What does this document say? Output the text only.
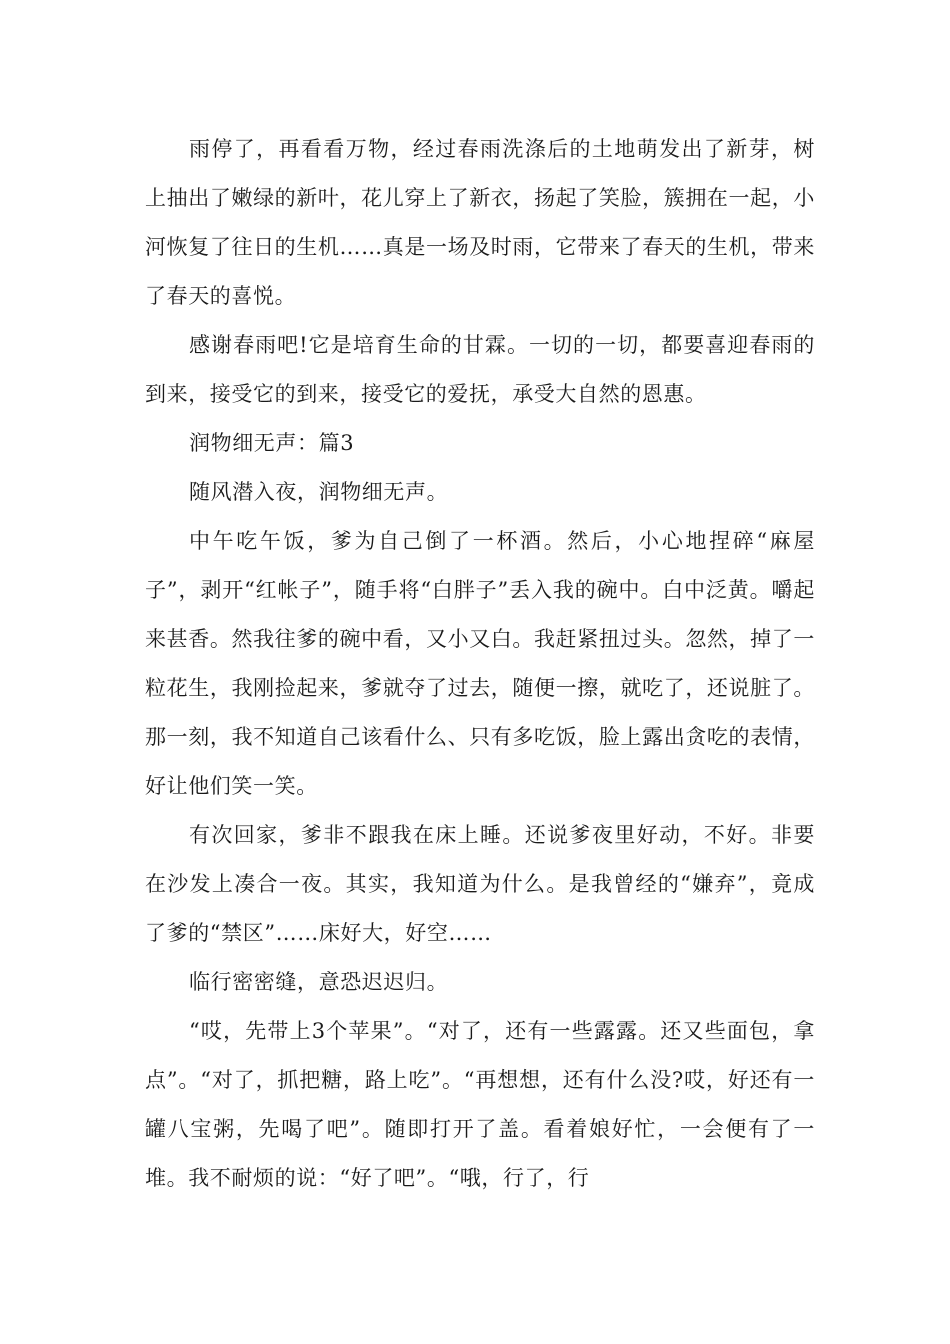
雨停了，再看看万物，经过春雨洗涤后的土地萌发出了新芽，树上抽出了嫩绿的新叶，花儿穿上了新衣，扬起了笑脸，簇拥在一起，小河恢复了往日的生机……真是一场及时雨，它带来了春天的生机，带来了春天的喜悦。

感谢春雨吧!它是培育生命的甘霖。一切的一切，都要喜迎春雨的到来，接受它的到来，接受它的爱抚，承受大自然的恩惠。

润物细无声：篇3

随风潜入夜，润物细无声。

中午吃午饭，爹为自己倒了一杯酒。然后，小心地捏碎“麻屋子”，剥开“红帐子”，随手将“白胖子”丢入我的碗中。白中泛黄。嚼起来甚香。然我往爹的碗中看，又小又白。我赶紧扭过头。忽然，掉了一粒花生，我刚捡起来，爹就夺了过去，随便一擦，就吃了，还说脏了。那一刻，我不知道自己该看什么、只有多吃饭，脸上露出贪吃的表情，好让他们笑一笑。

有次回家，爹非不跟我在床上睡。还说爹夜里好动，不好。非要在沙发上凑合一夜。其实，我知道为什么。是我曾经的“嫌弃”，竟成了爹的“禁区”……床好大，好空……

临行密密缝，意恐迟迟归。

“哎，先带上3个苹果”。“对了，还有一些露露。还又些面包，拿点”。“对了，抓把糖，路上吃”。“再想想，还有什么没?哎，好还有一罐八宝粥，先喝了吧”。随即打开了盖。看着娘好忙，一会便有了一堆。我不耐烦的说：“好了吧”。“哦，行了，行
